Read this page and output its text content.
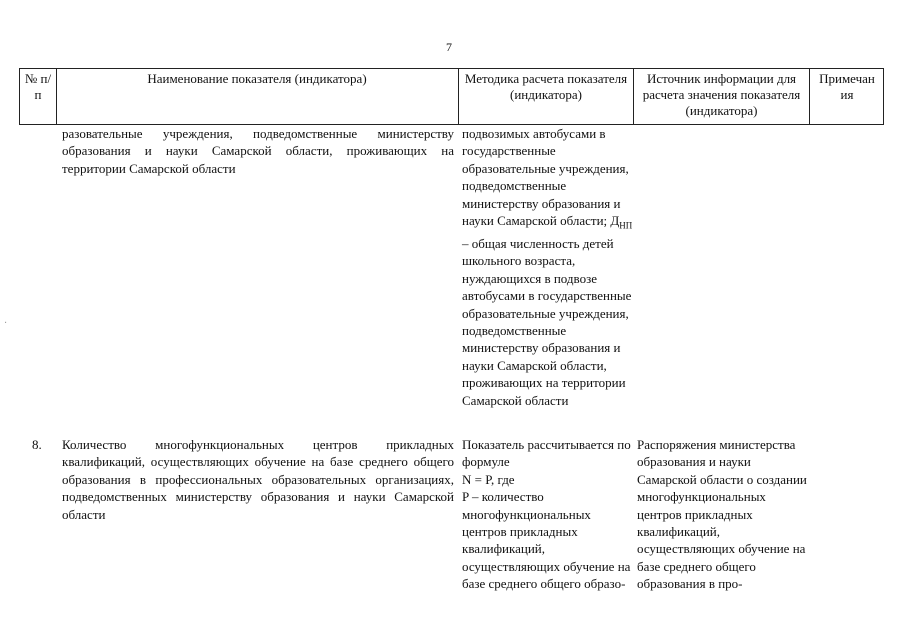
7
№ п/п
Наименование показателя (индикатора)	Методика расчета показателя (индикатора)
Источник информации для расчета значения показателя (индикатора)
Примечания
разовательные учреждения, подведомственные министерству образования и науки Самарской области, проживающих на территории Самарской области
подвозимых автобусами в государственные образовательные учреждения, подведомственные министерству образования и науки Самарской области; $Д_{НП}$ – общая численность детей школьного возраста, нуждающихся в подвозе автобусами в государственные образовательные учреждения, подведомственные министерству образования и науки Самарской области, проживающих на территории Самарской области
8. Количество многофункциональных центров прикладных квалификаций, осуществляющих обучение на базе среднего общего образования в профессиональных образовательных организациях, подведомственных министерству образования и науки Самарской области
Показатель рассчитывается по формуле
N = P, где
P – количество многофункциональных центров прикладных квалификаций, осуществляющих обучение на базе среднего общего образо-
Распоряжения министерства образования и науки Самарской области о создании многофункциональных центров прикладных квалификаций, осуществляющих обучение на базе среднего общего образования в про-
·
